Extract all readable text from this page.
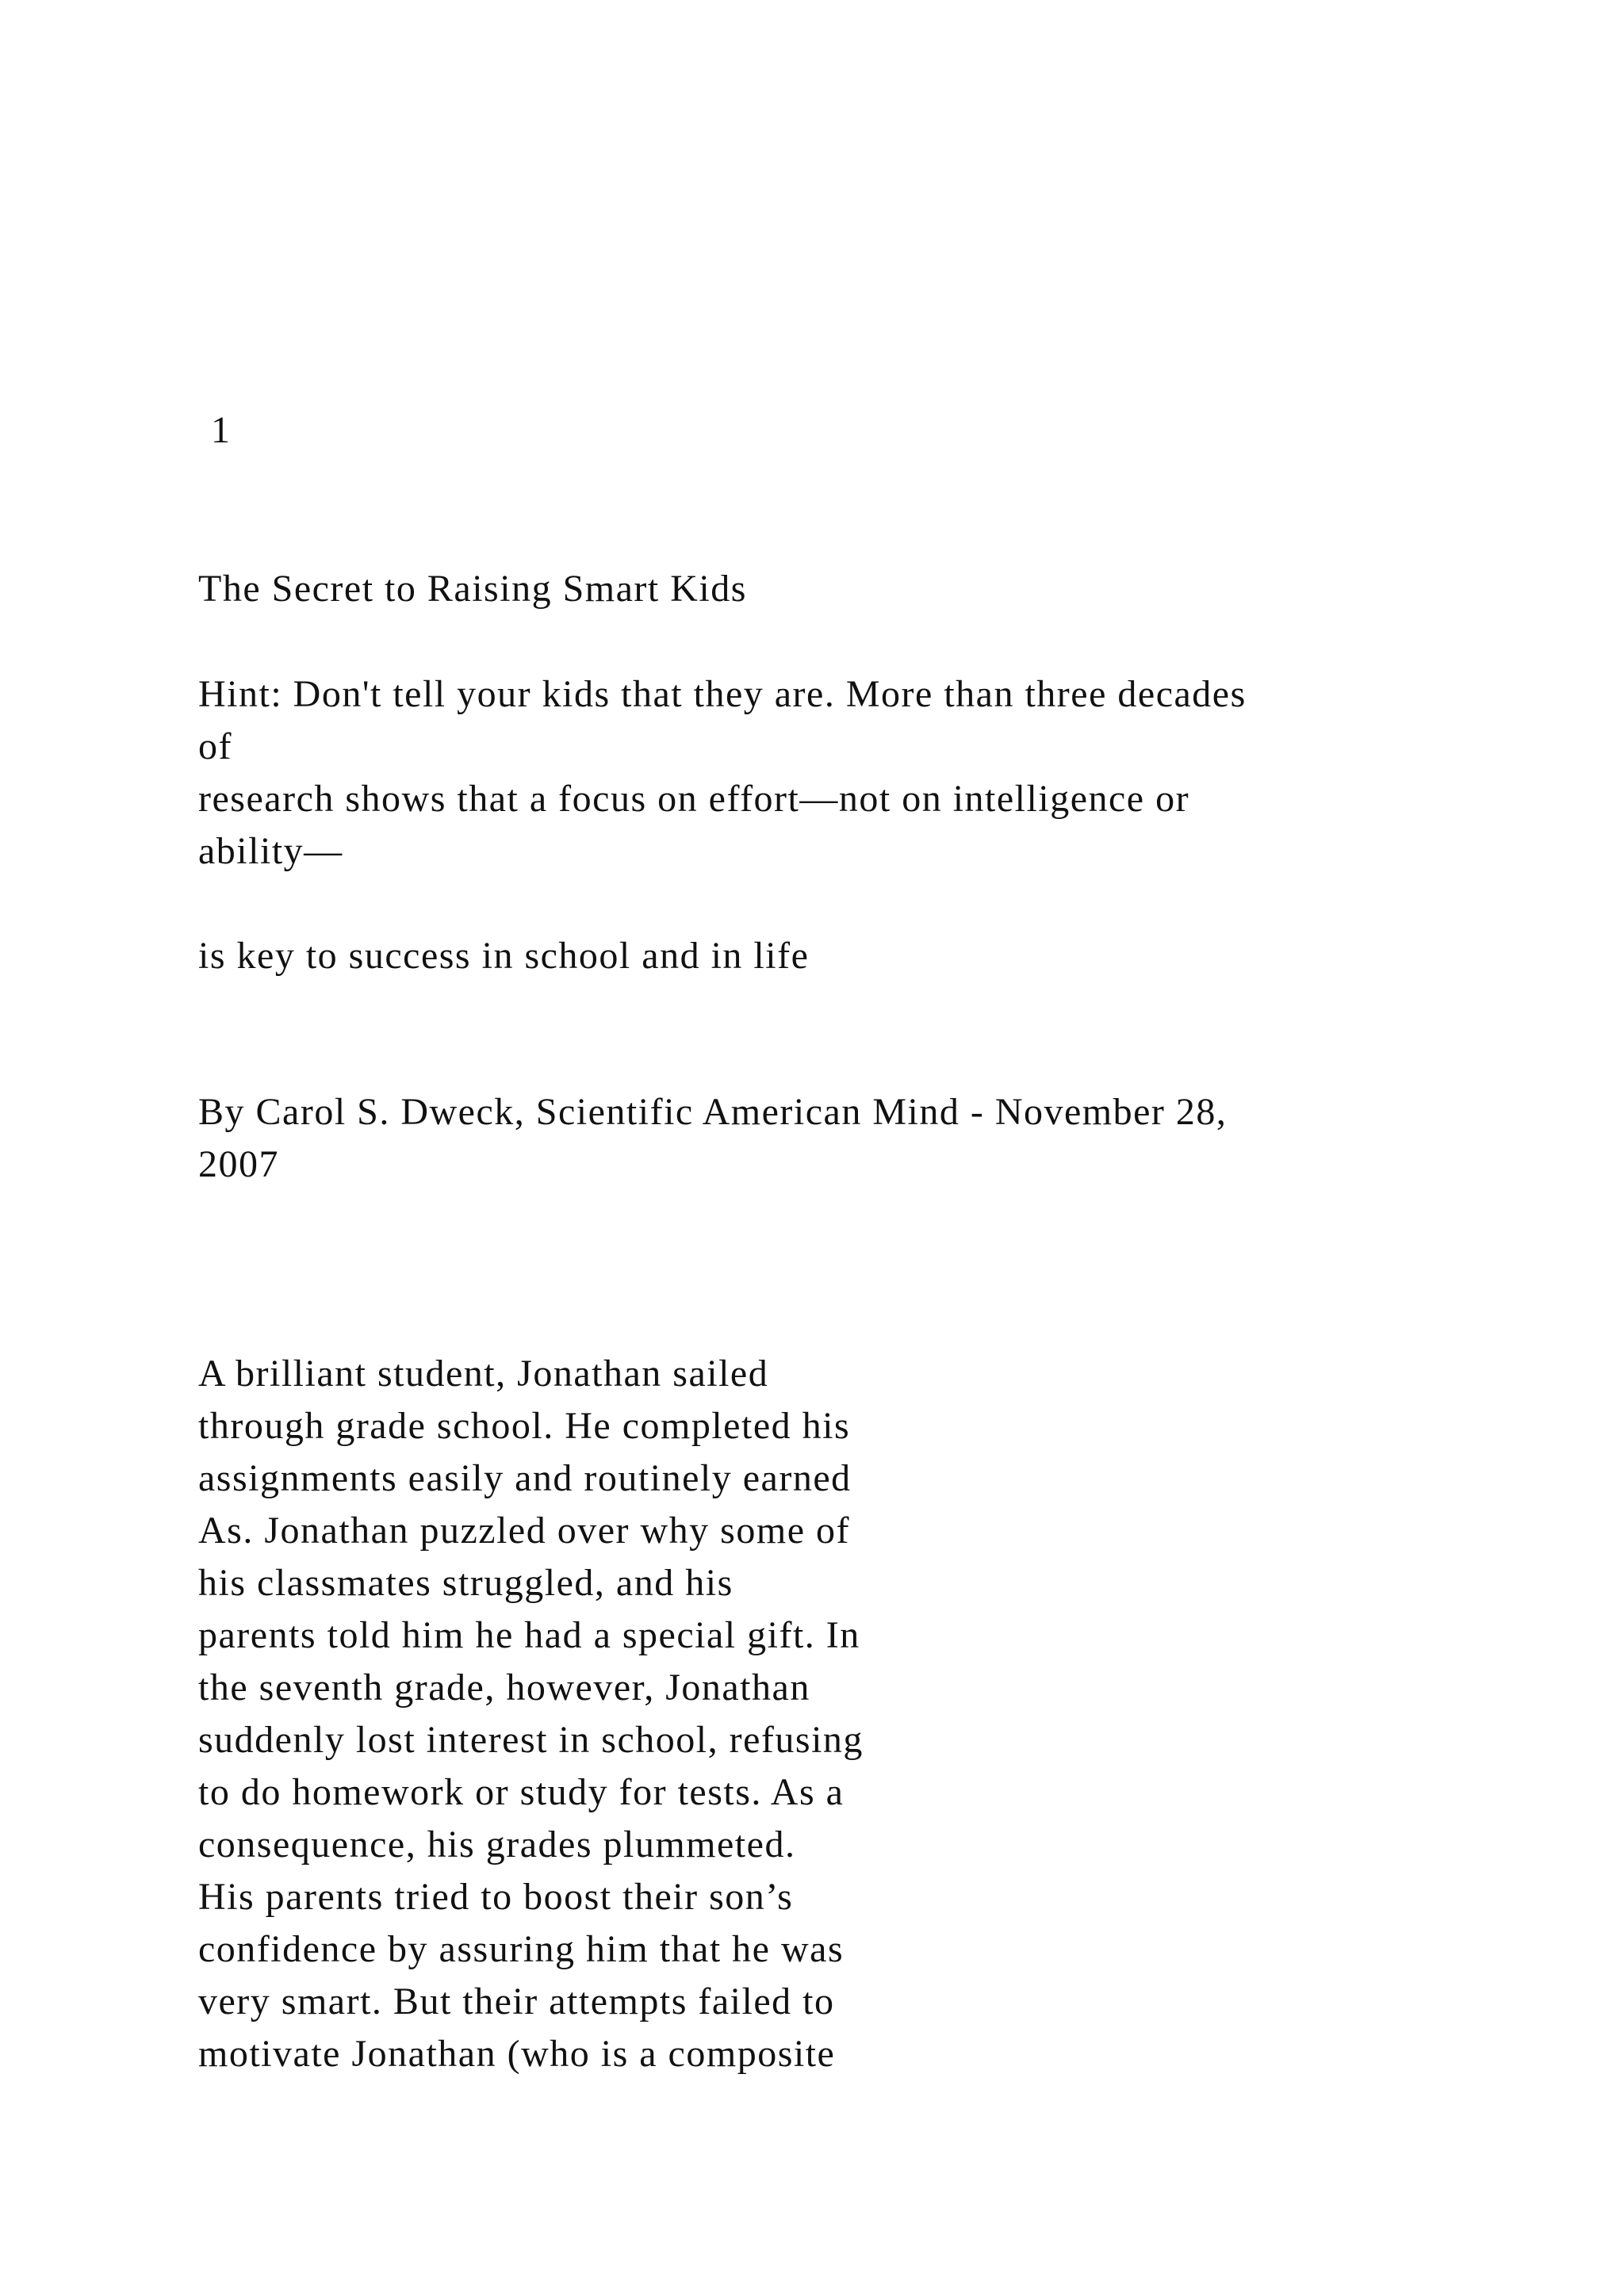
1

The Secret to Raising Smart Kids

Hint: Don't tell your kids that they are. More than three decades

of

research shows that a focus on effort—not on intelligence or

ability—

is key to success in school and in life

By Carol S. Dweck, Scientific American Mind - November 28,

2007

A brilliant student, Jonathan sailed

through grade school. He completed his

assignments easily and routinely earned

As. Jonathan puzzled over why some of

his classmates struggled, and his

parents told him he had a special gift. In

the seventh grade, however, Jonathan

suddenly lost interest in school, refusing

to do homework or study for tests. As a

consequence, his grades plummeted.

His parents tried to boost their son’s

confidence by assuring him that he was

very smart. But their attempts failed to

motivate Jonathan (who is a composite
